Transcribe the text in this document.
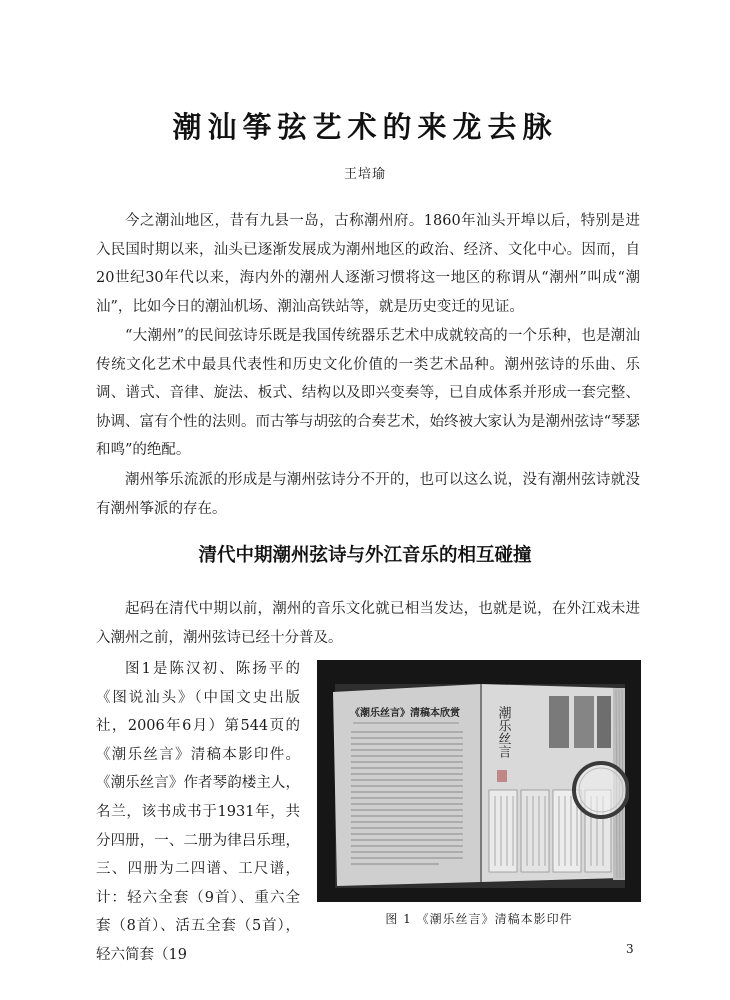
潮汕筝弦艺术的来龙去脉
王培瑜

今之潮汕地区，昔有九县一岛，古称潮州府。1860年汕头开埠以后，特别是进入民国时期以来，汕头已逐渐发展成为潮州地区的政治、经济、文化中心。因而，自20世纪30年代以来，海内外的潮州人逐渐习惯将这一地区的称谓从“潮州”叫成“潮汕”，比如今日的潮汕机场、潮汕高铁站等，就是历史变迁的见证。

“大潮州”的民间弦诗乐既是我国传统器乐艺术中成就较高的一个乐种，也是潮汕传统文化艺术中最具代表性和历史文化价值的一类艺术品种。潮州弦诗的乐曲、乐调、谱式、音律、旋法、板式、结构以及即兴变奏等，已自成体系并形成一套完整、协调、富有个性的法则。而古筝与胡弦的合奏艺术，始终被大家认为是潮州弦诗“琴瑟和鸣”的绝配。

潮州筝乐流派的形成是与潮州弦诗分不开的，也可以这么说，没有潮州弦诗就没有潮州筝派的存在。

清代中期潮州弦诗与外江音乐的相互碰撞

起码在清代中期以前，潮州的音乐文化就已相当发达，也就是说，在外江戏未进入潮州之前，潮州弦诗已经十分普及。

图1是陈汉初、陈扬平的《图说汕头》（中国文史出版社，2006年6月）第544页的《潮乐丝言》清稿本影印件。《潮乐丝言》作者琴韵楼主人，名兰，该书成书于1931年，共分四册，一、二册为律吕乐理，三、四册为二四谱、工尺谱，计：轻六全套（9首）、重六全套（8首）、活五全套（5首），轻六简套（19

《潮乐丝言》清稿本欣赏	潮乐丝言
图 1 《潮乐丝言》清稿本影印件
3
